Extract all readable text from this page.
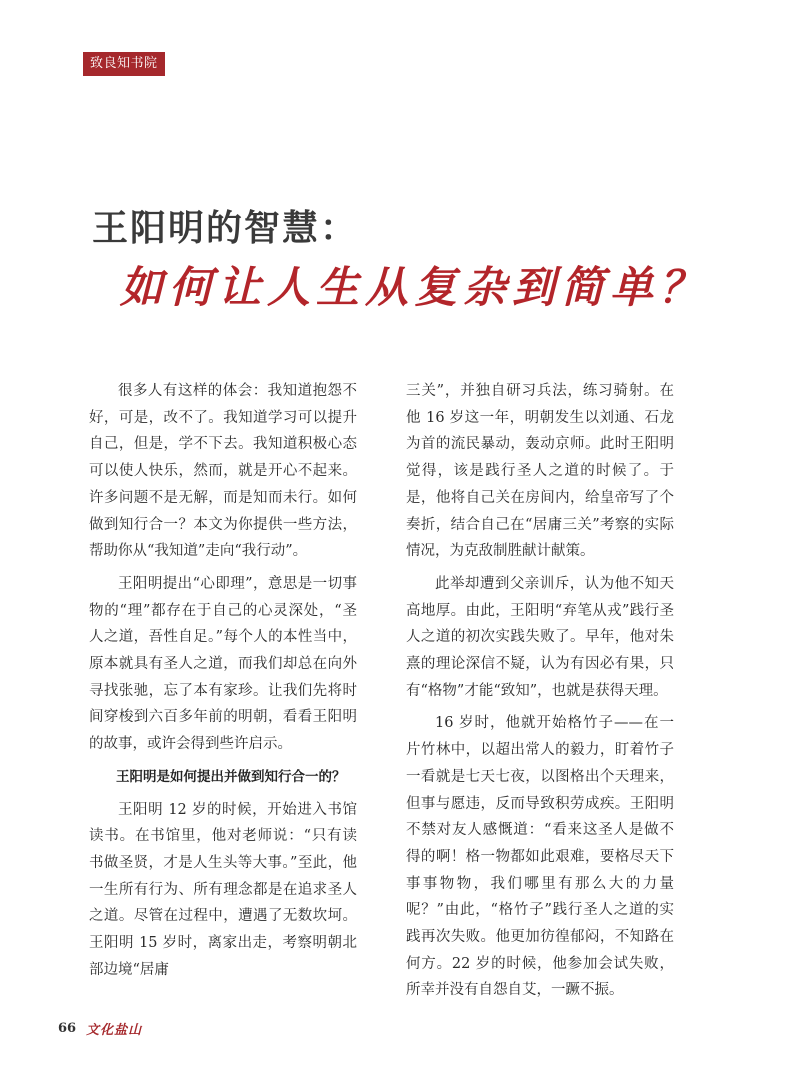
致良知书院
王阳明的智慧：
如何让人生从复杂到简单？

很多人有这样的体会：我知道抱怨不好，可是，改不了。我知道学习可以提升自己，但是，学不下去。我知道积极心态可以使人快乐，然而，就是开心不起来。许多问题不是无解，而是知而未行。如何做到知行合一？本文为你提供一些方法，帮助你从“我知道”走向“我行动”。

王阳明提出“心即理”，意思是一切事物的“理”都存在于自己的心灵深处，“圣人之道，吾性自足。”每个人的本性当中，原本就具有圣人之道，而我们却总在向外寻找张驰，忘了本有家珍。让我们先将时间穿梭到六百多年前的明朝，看看王阳明的故事，或许会得到些许启示。

王阳明是如何提出并做到知行合一的？

王阳明 12 岁的时候，开始进入书馆读书。在书馆里，他对老师说：“只有读书做圣贤，才是人生头等大事。”至此，他一生所有行为、所有理念都是在追求圣人之道。尽管在过程中，遭遇了无数坎坷。王阳明 15 岁时，离家出走，考察明朝北部边境“居庸

三关”，并独自研习兵法，练习骑射。在他 16 岁这一年，明朝发生以刘通、石龙为首的流民暴动，轰动京师。此时王阳明觉得，该是践行圣人之道的时候了。于是，他将自己关在房间内，给皇帝写了个奏折，结合自己在“居庸三关”考察的实际情况，为克敌制胜献计献策。

此举却遭到父亲训斥，认为他不知天高地厚。由此，王阳明“弃笔从戎”践行圣人之道的初次实践失败了。早年，他对朱熹的理论深信不疑，认为有因必有果，只有“格物”才能“致知”，也就是获得天理。

16 岁时，他就开始格竹子——在一片竹林中，以超出常人的毅力，盯着竹子一看就是七天七夜，以图格出个天理来，但事与愿违，反而导致积劳成疾。王阳明不禁对友人感慨道：“看来这圣人是做不得的啊！格一物都如此艰难，要格尽天下事事物物，我们哪里有那么大的力量呢？”由此，“格竹子”践行圣人之道的实践再次失败。他更加彷徨郁闷，不知路在何方。22 岁的时候，他参加会试失败，所幸并没有自怨自艾，一蹶不振。

66 文化盐山
